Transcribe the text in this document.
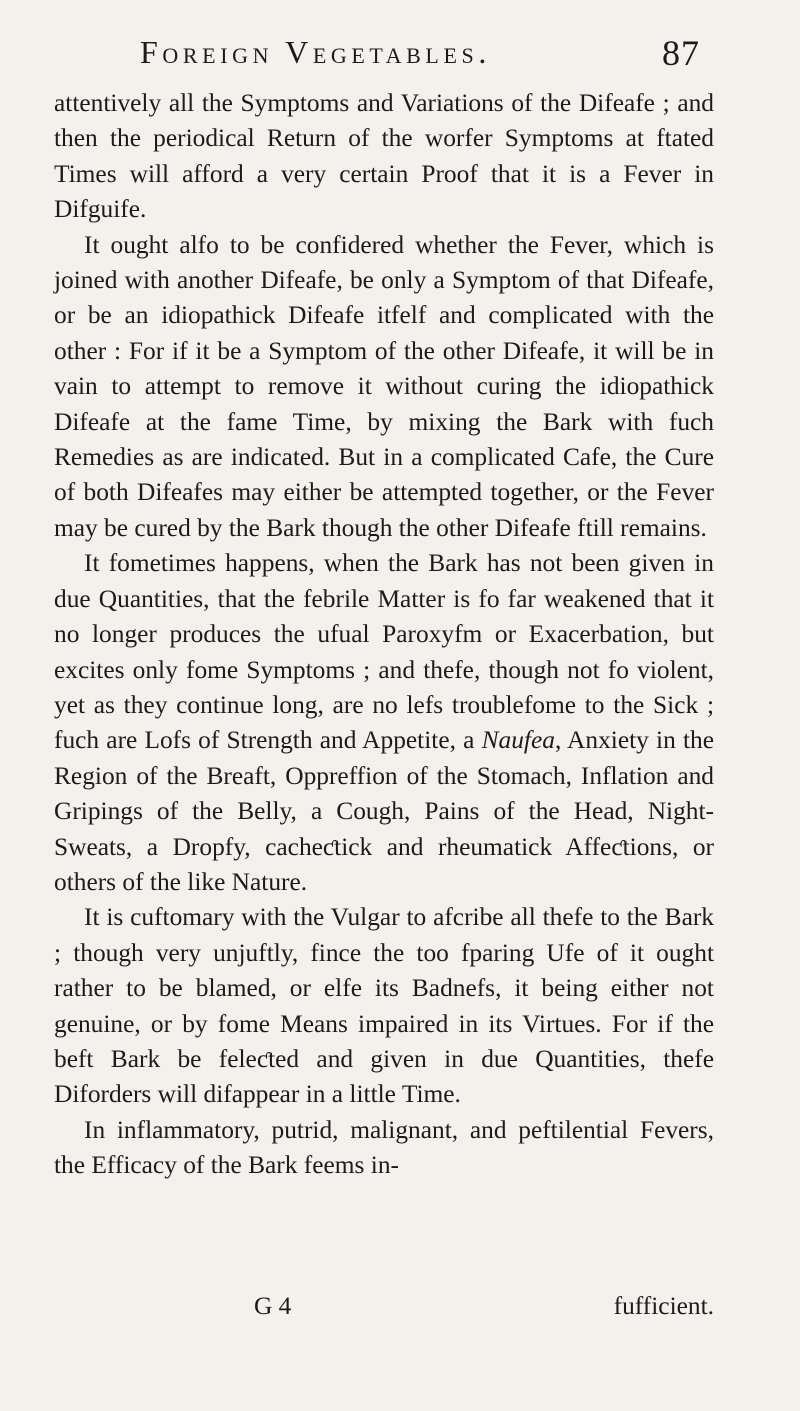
Foreign Vegetables.	87

attentively all the Symptoms and Variations of the Difeafe ; and then the periodical Return of the worfer Symptoms at ftated Times will afford a very certain Proof that it is a Fever in Difguife.

It ought alfo to be confidered whether the Fever, which is joined with another Difeafe, be only a Symptom of that Difeafe, or be an idiopathick Difeafe itfelf and complicated with the other : For if it be a Symptom of the other Difeafe, it will be in vain to attempt to remove it without curing the idiopathick Difeafe at the fame Time, by mixing the Bark with fuch Remedies as are indicated. But in a complicated Cafe, the Cure of both Difeafes may either be attempted together, or the Fever may be cured by the Bark though the other Difeafe ftill remains.

It fometimes happens, when the Bark has not been given in due Quantities, that the febrile Matter is fo far weakened that it no longer produces the ufual Paroxyfm or Exacerbation, but excites only fome Symptoms ; and thefe, though not fo violent, yet as they continue long, are no lefs troublefome to the Sick ; fuch are Lofs of Strength and Appetite, a Naufea, Anxiety in the Region of the Breaft, Oppreffion of the Stomach, Inflation and Gripings of the Belly, a Cough, Pains of the Head, Night-Sweats, a Dropfy, cacheƈtick and rheumatick Affeƈtions, or others of the like Nature.

It is cuftomary with the Vulgar to afcribe all thefe to the Bark ; though very unjuftly, fince the too fparing Ufe of it ought rather to be blamed, or elfe its Badnefs, it being either not genuine, or by fome Means impaired in its Virtues. For if the beft Bark be feleƈted and given in due Quantities, thefe Diforders will difappear in a little Time.

In inflammatory, putrid, malignant, and peftilential Fevers, the Efficacy of the Bark feems in-

G 4	fufficient.
